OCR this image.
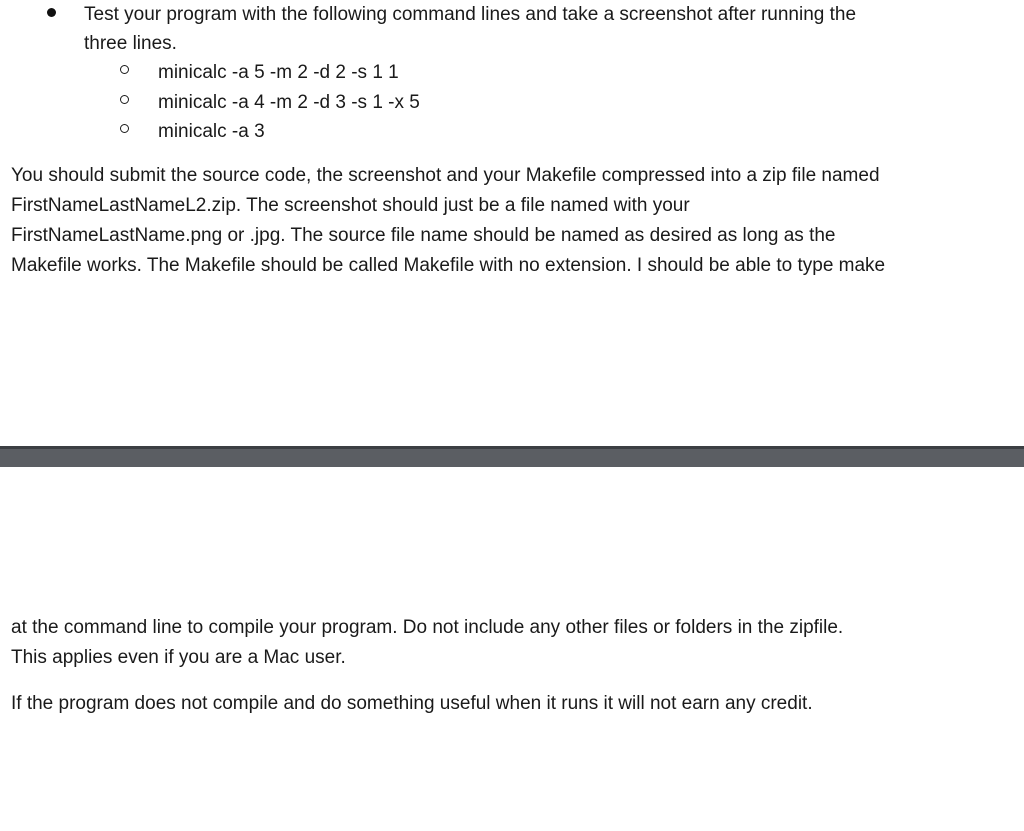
Test your program with the following command lines and take a screenshot after running the
three lines.
minicalc -a 5 -m 2 -d 2 -s 1 1
minicalc -a 4 -m 2 -d 3 -s 1 -x 5
minicalc -a 3

You should submit the source code, the screenshot and your Makefile compressed into a zip file named
FirstNameLastNameL2.zip. The screenshot should just be a file named with your
FirstNameLastName.png or .jpg. The source file name should be named as desired as long as the
Makefile works. The Makefile should be called Makefile with no extension. I should be able to type make

at the command line to compile your program. Do not include any other files or folders in the zipfile.
This applies even if you are a Mac user.

If the program does not compile and do something useful when it runs it will not earn any credit.
